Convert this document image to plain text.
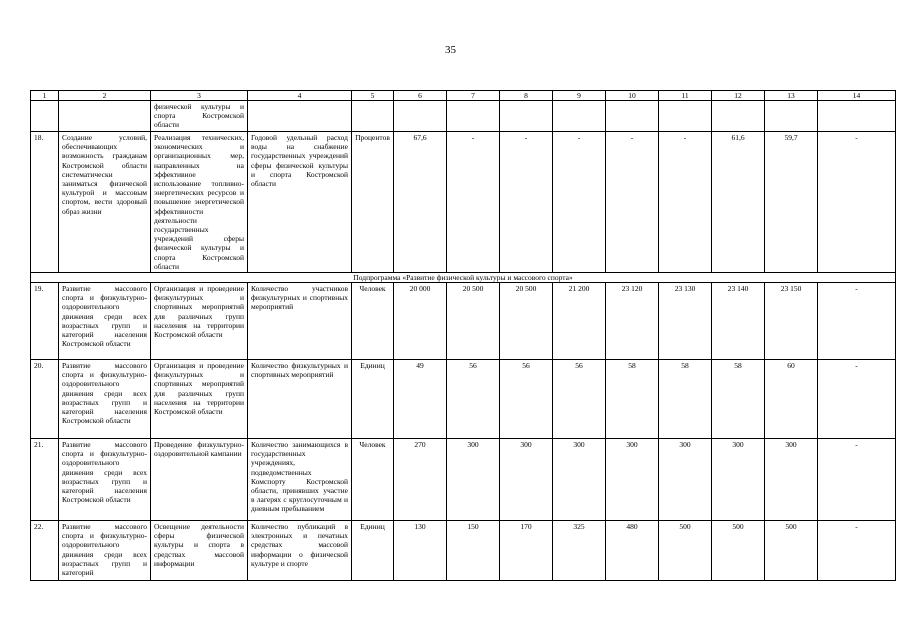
35
1	2	3	4	5	6	7	8	9	10	11	12	13	14
		физической культуры и спорта Костромской области											
18.	Создание условий, обеспечивающих возможность гражданам Костромской области систематически заниматься физической культурой и массовым спортом, вести здоровый образ жизни	Реализация технических, экономических и организационных мер, направленных на эффективное использование топливно-энергетических ресурсов и повышение энергетической эффективности деятельности государственных учреждений сферы физической культуры и спорта Костромской области	Годовой удельный расход воды на снабжение государственных учреждений сферы физической культуры и спорта Костромской области	Процентов	67,6	-	-	-	-	-	61,6	59,7	-
Подпрограмма «Развитие физической культуры и массового спорта»													
19.	Развитие массового спорта и физкультурно-оздоровительного движения среди всех возрастных групп и категорий населения Костромской области	Организация и проведение физкультурных и спортивных мероприятий для различных групп населения на территории Костромской области	Количество участников физкультурных и спортивных мероприятий	Человек	20 000	20 500	20 500	21 200	23 120	23 130	23 140	23 150	-
20.	Развитие массового спорта и физкультурно-оздоровительного движения среди всех возрастных групп и категорий населения Костромской области	Организация и проведение физкультурных и спортивных мероприятий для различных групп населения на территории Костромской области	Количество физкультурных и спортивных мероприятий	Единиц	49	56	56	56	58	58	58	60	-
21.	Развитие массового спорта и физкультурно-оздоровительного движения среди всех возрастных групп и категорий населения Костромской области	Проведение физкультурно-оздоровительной кампании	Количество занимающихся в государственных учреждениях, подведомственных Комспорту Костромской области, принявших участие в лагерях с круглосуточным и дневным пребыванием	Человек	270	300	300	300	300	300	300	300	-
22.	Развитие массового спорта и физкультурно-оздоровительного движения среди всех возрастных групп и категорий	Освещение деятельности сферы физической культуры и спорта в средствах массовой информации	Количество публикаций в электронных и печатных средствах массовой информации о физической культуре и спорте	Единиц	130	150	170	325	480	500	500	500	-
